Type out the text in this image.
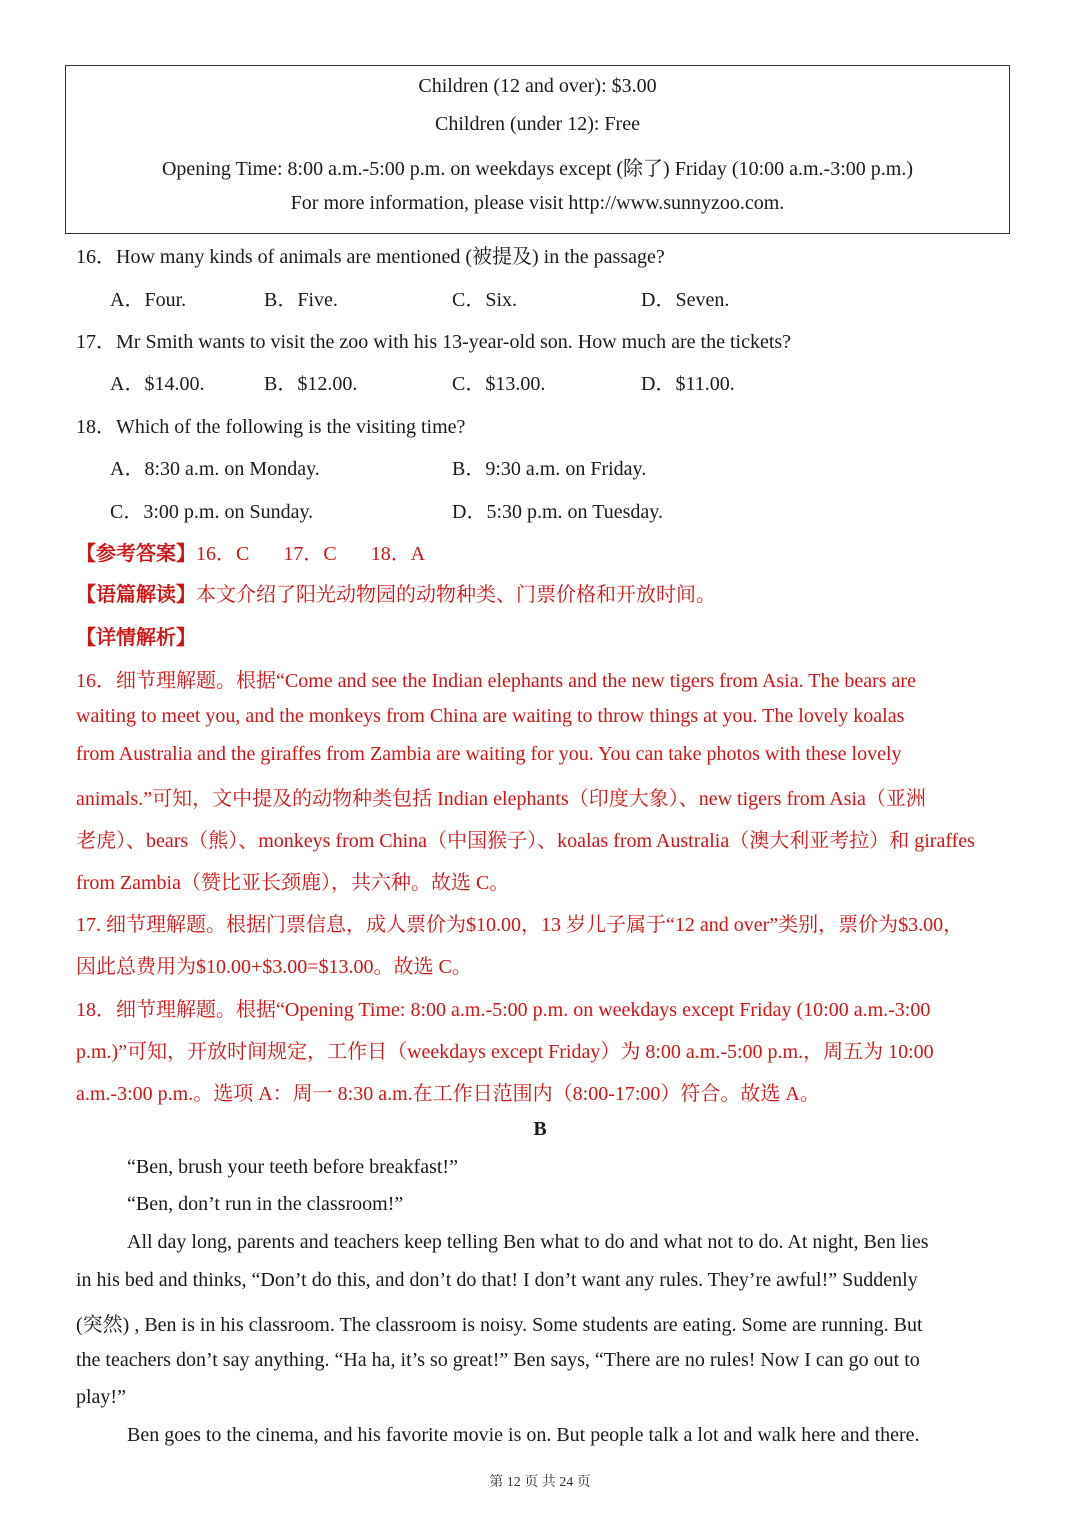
Children (12 and over): $3.00
Children (under 12): Free
Opening Time: 8:00 a.m.-5:00 p.m. on weekdays except (除了) Friday (10:00 a.m.-3:00 p.m.)
For more information, please visit http://www.sunnyzoo.com.
16．How many kinds of animals are mentioned (被提及) in the passage?
A．Four.	B．Five.	C．Six.	D．Seven.
17．Mr Smith wants to visit the zoo with his 13-year-old son. How much are the tickets?
A．$14.00.	B．$12.00.	C．$13.00.	D．$11.00.
18．Which of the following is the visiting time?
A．8:30 a.m. on Monday.	B．9:30 a.m. on Friday.
C．3:00 p.m. on Sunday.	D．5:30 p.m. on Tuesday.
【参考答案】16．C 17．C 18．A
【语篇解读】本文介绍了阳光动物园的动物种类、门票价格和开放时间。
【详情解析】
16．细节理解题。根据“Come and see the Indian elephants and the new tigers from Asia. The bears are
waiting to meet you, and the monkeys from China are waiting to throw things at you. The lovely koalas
from Australia and the giraffes from Zambia are waiting for you. You can take photos with these lovely
animals.”可知，文中提及的动物种类包括 Indian elephants（印度大象）、new tigers from Asia（亚洲
老虎）、bears（熊）、monkeys from China（中国猴子）、koalas from Australia（澳大利亚考拉）和 giraffes
from Zambia（赞比亚长颈鹿），共六种。故选 C。
17. 细节理解题。根据门票信息，成人票价为$10.00，13 岁儿子属于“12 and over”类别，票价为$3.00，
因此总费用为$10.00+$3.00=$13.00。故选 C。
18．细节理解题。根据“Opening Time: 8:00 a.m.-5:00 p.m. on weekdays except Friday (10:00 a.m.-3:00
p.m.)”可知，开放时间规定，工作日（weekdays except Friday）为 8:00 a.m.-5:00 p.m.，周五为 10:00
a.m.-3:00 p.m.。选项 A：周一 8:30 a.m.在工作日范围内（8:00-17:00）符合。故选 A。
B
“Ben, brush your teeth before breakfast!”
“Ben, don’t run in the classroom!”
All day long, parents and teachers keep telling Ben what to do and what not to do. At night, Ben lies
in his bed and thinks, “Don’t do this, and don’t do that! I don’t want any rules. They’re awful!” Suddenly
(突然) , Ben is in his classroom. The classroom is noisy. Some students are eating. Some are running. But
the teachers don’t say anything. “Ha ha, it’s so great!” Ben says, “There are no rules! Now I can go out to
play!”
Ben goes to the cinema, and his favorite movie is on. But people talk a lot and walk here and there.
第 12 页 共 24 页
